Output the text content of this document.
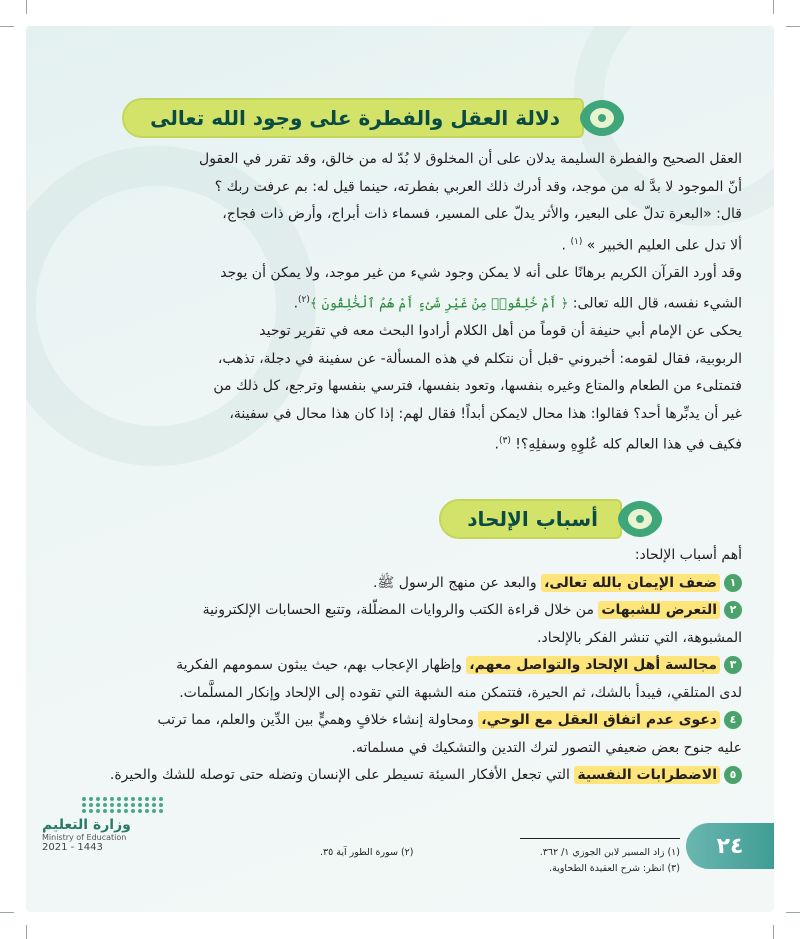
دلالة العقل والفطرة على وجود الله تعالى

العقل الصحيح والفطرة السليمة يدلان على أن المخلوق لا بُدّ له من خالق، وقد تقرر في العقول

أنّ الموجود لا بدَّ له من موجد، وقد أدرك ذلك العربي بفطرته، حينما قيل له: بم عرفت ربك ؟

قال: «البعرة تدلّ على البعير، والأثر يدلّ على المسير، فسماء ذات أبراج، وأرض ذات فجاج،

ألا تدل على العليم الخبير » $^{(١)}$ .

وقد أورد القرآن الكريم برهانًا على أنه لا يمكن وجود شيء من غير موجد، ولا يمكن أن يوجد

الشيء نفسه، قال الله تعالى: ﴿ أَمْ خُلِقُوا۟ مِنْ غَيْرِ شَىْءٍ أَمْ هُمُ ٱلْخَٰلِقُونَ ﴾$^{(٢)}$.

يحكى عن الإمام أبي حنيفة أن قوماً من أهل الكلام أرادوا البحث معه في تقرير توحيد

الربوبية، فقال لقومه: أخبروني -قبل أن نتكلم في هذه المسألة- عن سفينة في دجلة، تذهب،

فتمتلىء من الطعام والمتاع وغيره بنفسها، وتعود بنفسها، فترسي بنفسها وترجع، كل ذلك من

غير أن يدبِّرها أحد؟ فقالوا: هذا محال لايمكن أبداً! فقال لهم: إذا كان هذا محال في سفينة،

فكيف في هذا العالم كله عُلوِهِ وسفلِهِ؟! $^{(٣)}$.

أسباب الإلحاد

أهم أسباب الإلحاد:

١ضعف الإيمان بالله تعالى، والبعد عن منهج الرسول ﷺ.

٢التعرض للشبهات من خلال قراءة الكتب والروايات المضلّلة، وتتبع الحسابات الإلكترونية

المشبوهة، التي تنشر الفكر بالإلحاد.

٣مجالسة أهل الإلحاد والتواصل معهم، وإظهار الإعجاب بهم، حيث يبثون سمومهم الفكرية

لدى المتلقي، فيبدأ بالشك، ثم الحيرة، فتتمكن منه الشبهة التي تقوده إلى الإلحاد وإنكار المسلَّمات.

٤دعوى عدم اتفاق العقل مع الوحي، ومحاولة إنشاء خلافٍ وهميٍّ بين الدِّين والعلم، مما ترتب

عليه جنوح بعض ضعيفي التصور لترك التدين والتشكيك في مسلماته.

٥الاضطرابات النفسية التي تجعل الأفكار السيئة تسيطر على الإنسان وتضله حتى توصله للشك والحيرة.

(١) زاد المسير لابن الجوزي ١/ ٣٦٢.
(٢) سورة الطور آية ٣٥.
(٣) انظر: شرح العقيدة الطحاوية.
٢٤
وزارة التعليم
Ministry of Education
2021 - 1443
